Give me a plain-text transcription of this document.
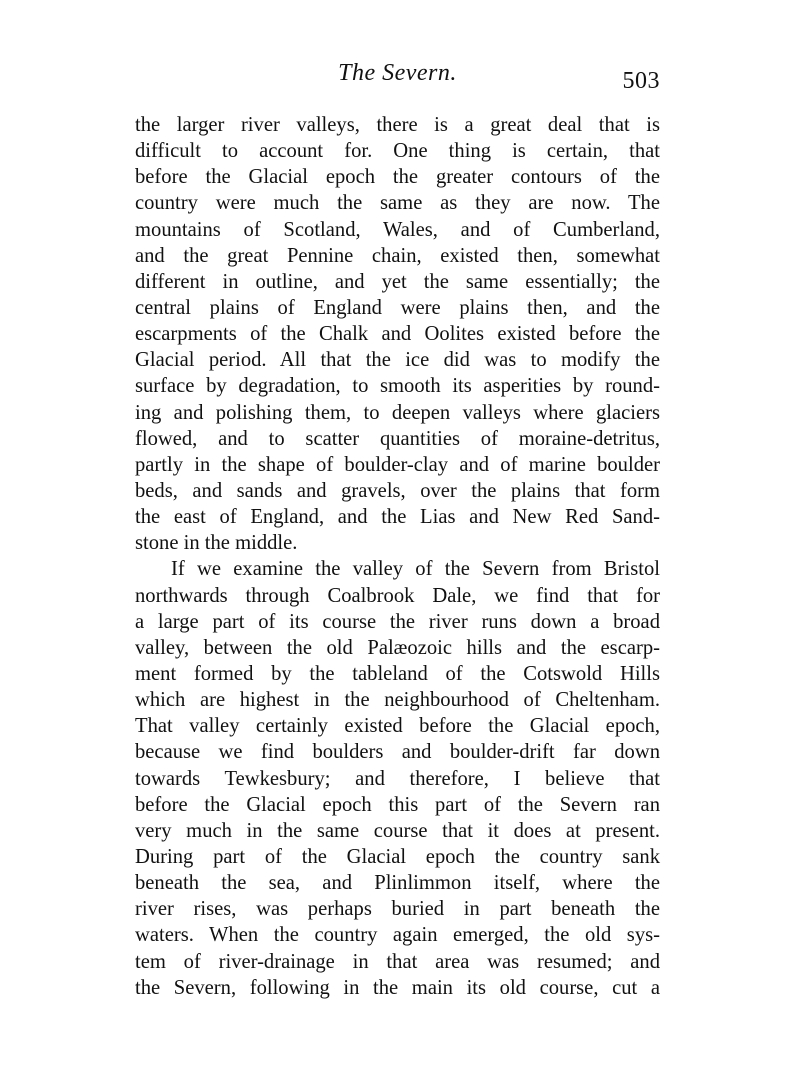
The Severn.	503
the larger river valleys, there is a great deal that is
difficult to account for. One thing is certain, that
before the Glacial epoch the greater contours of the
country were much the same as they are now. The
mountains of Scotland, Wales, and of Cumberland,
and the great Pennine chain, existed then, somewhat
different in outline, and yet the same essentially; the
central plains of England were plains then, and the
escarpments of the Chalk and Oolites existed before the
Glacial period. All that the ice did was to modify the
surface by degradation, to smooth its asperities by round-
ing and polishing them, to deepen valleys where glaciers
flowed, and to scatter quantities of moraine-detritus,
partly in the shape of boulder-clay and of marine boulder
beds, and sands and gravels, over the plains that form
the east of England, and the Lias and New Red Sand-
stone in the middle.
If we examine the valley of the Severn from Bristol
northwards through Coalbrook Dale, we find that for
a large part of its course the river runs down a broad
valley, between the old Palæozoic hills and the escarp-
ment formed by the tableland of the Cotswold Hills
which are highest in the neighbourhood of Cheltenham.
That valley certainly existed before the Glacial epoch,
because we find boulders and boulder-drift far down
towards Tewkesbury; and therefore, I believe that
before the Glacial epoch this part of the Severn ran
very much in the same course that it does at present.
During part of the Glacial epoch the country sank
beneath the sea, and Plinlimmon itself, where the
river rises, was perhaps buried in part beneath the
waters. When the country again emerged, the old sys-
tem of river-drainage in that area was resumed; and
the Severn, following in the main its old course, cut a
